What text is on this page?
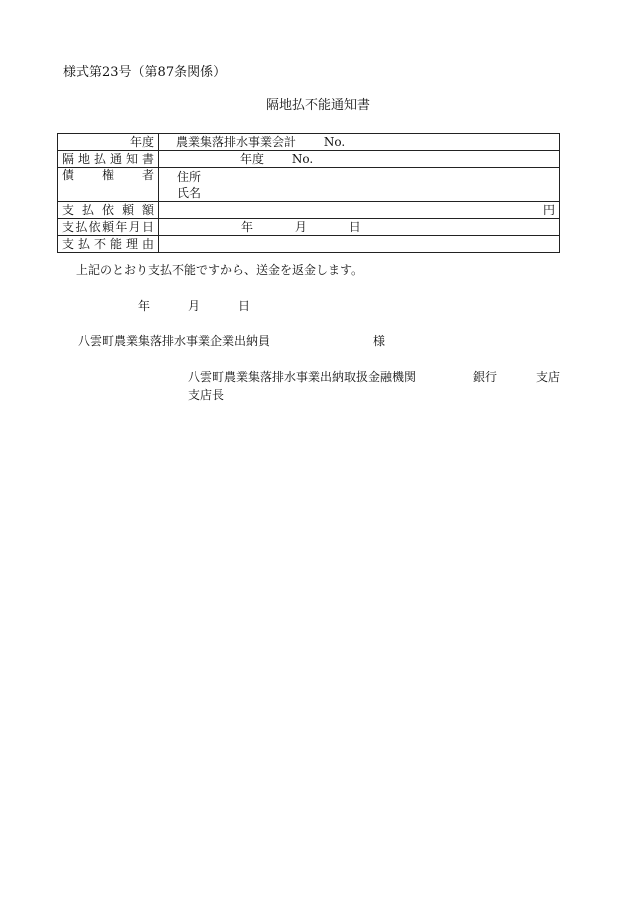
様式第23号（第87条関係）
隔地払不能通知書
年度	農業集落排水事業会計 No.
隔地払通知書	年度 No.
債権者	住所
氏名

支払依頼額	円
支払依頼年月日	年 月 日
支払不能理由	
上記のとおり支払不能ですから、送金を返金します。
年	月	日
八雲町農業集落排水事業企業出納員	様
八雲町農業集落排水事業出納取扱金融機関	銀行	支店
支店長
